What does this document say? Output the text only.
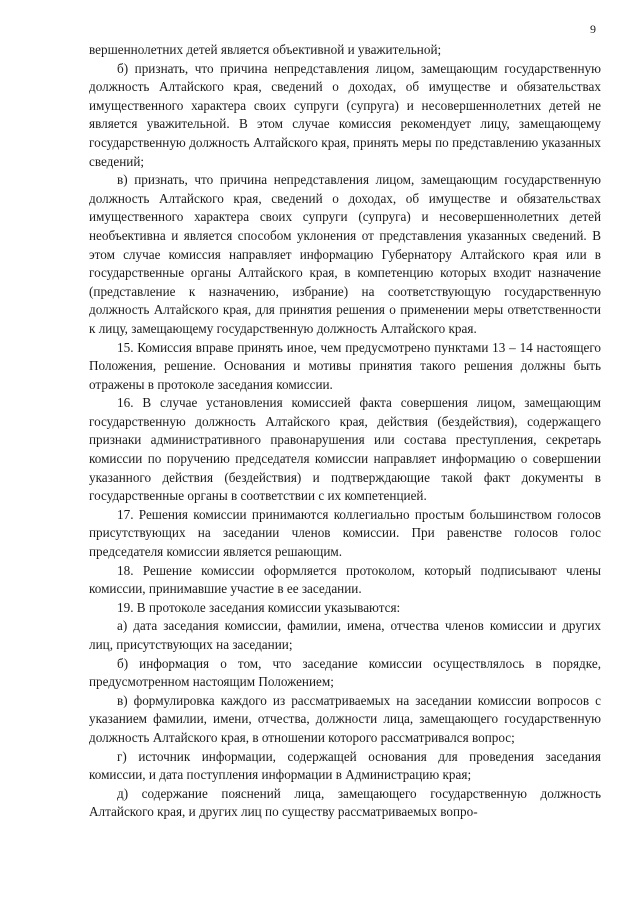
9

вершеннолетних детей является объективной и уважительной;

б) признать, что причина непредставления лицом, замещающим государственную должность Алтайского края, сведений о доходах, об имуществе и обязательствах имущественного характера своих супруги (супруга) и несовершеннолетних детей не является уважительной. В этом случае комиссия рекомендует лицу, замещающему государственную должность Алтайского края, принять меры по представлению указанных сведений;

в) признать, что причина непредставления лицом, замещающим государственную должность Алтайского края, сведений о доходах, об имуществе и обязательствах имущественного характера своих супруги (супруга) и несовершеннолетних детей необъективна и является способом уклонения от представления указанных сведений. В этом случае комиссия направляет информацию Губернатору Алтайского края или в государственные органы Алтайского края, в компетенцию которых входит назначение (представление к назначению, избрание) на соответствующую государственную должность Алтайского края, для принятия решения о применении меры ответственности к лицу, замещающему государственную должность Алтайского края.

15. Комиссия вправе принять иное, чем предусмотрено пунктами 13 – 14 настоящего Положения, решение. Основания и мотивы принятия такого решения должны быть отражены в протоколе заседания комиссии.

16. В случае установления комиссией факта совершения лицом, замещающим государственную должность Алтайского края, действия (бездействия), содержащего признаки административного правонарушения или состава преступления, секретарь комиссии по поручению председателя комиссии направляет информацию о совершении указанного действия (бездействия) и подтверждающие такой факт документы в государственные органы в соответствии с их компетенцией.

17. Решения комиссии принимаются коллегиально простым большинством голосов присутствующих на заседании членов комиссии. При равенстве голосов голос председателя комиссии является решающим.

18. Решение комиссии оформляется протоколом, который подписывают члены комиссии, принимавшие участие в ее заседании.

19. В протоколе заседания комиссии указываются:

а) дата заседания комиссии, фамилии, имена, отчества членов комиссии и других лиц, присутствующих на заседании;

б) информация о том, что заседание комиссии осуществлялось в порядке, предусмотренном настоящим Положением;

в) формулировка каждого из рассматриваемых на заседании комиссии вопросов с указанием фамилии, имени, отчества, должности лица, замещающего государственную должность Алтайского края, в отношении которого рассматривался вопрос;

г) источник информации, содержащей основания для проведения заседания комиссии, и дата поступления информации в Администрацию края;

д) содержание пояснений лица, замещающего государственную должность Алтайского края, и других лиц по существу рассматриваемых вопро-
